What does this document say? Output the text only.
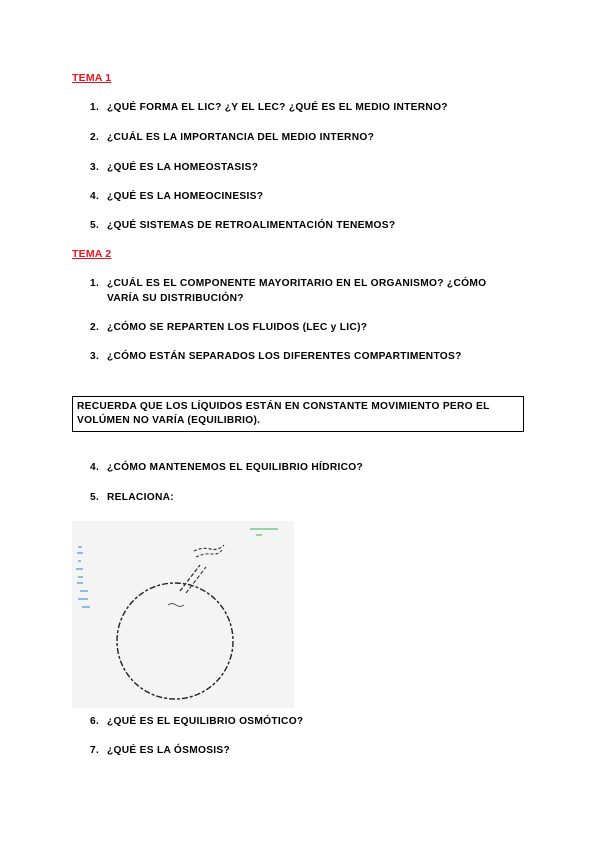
TEMA 1
1. ¿QUÉ FORMA EL LIC? ¿Y EL LEC? ¿QUÉ ES EL MEDIO INTERNO?
2. ¿CUÁL ES LA IMPORTANCIA DEL MEDIO INTERNO?
3. ¿QUÉ ES LA HOMEOSTASIS?
4. ¿QUÉ ES LA HOMEOCINESIS?
5. ¿QUÉ SISTEMAS DE RETROALIMENTACIÓN TENEMOS?
TEMA 2
1. ¿CUÁL ES EL COMPONENTE MAYORITARIO EN EL ORGANISMO? ¿CÓMO VARÍA SU DISTRIBUCIÓN?
2. ¿CÓMO SE REPARTEN LOS FLUIDOS (LEC y LIC)?
3. ¿CÓMO ESTÁN SEPARADOS LOS DIFERENTES COMPARTIMENTOS?
RECUERDA QUE LOS LÍQUIDOS ESTÁN EN CONSTANTE MOVIMIENTO PERO EL VOLÚMEN NO VARÍA (EQUILIBRIO).
4. ¿CÓMO MANTENEMOS EL EQUILIBRIO HÍDRICO?
5. RELACIONA:
6. ¿QUÉ ES EL EQUILIBRIO OSMÓTICO?
7. ¿QUÉ ES LA ÓSMOSIS?
